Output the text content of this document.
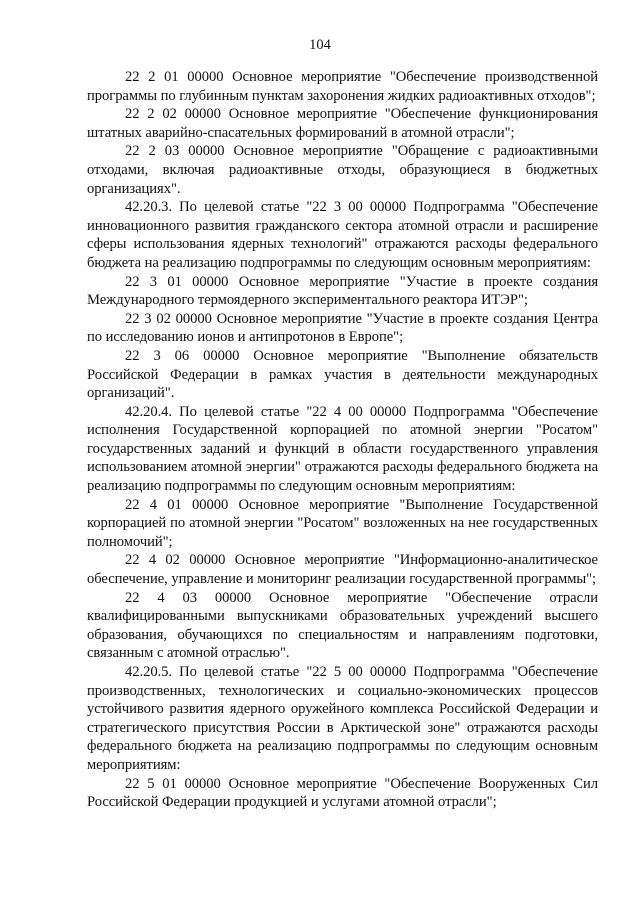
104

22 2 01 00000 Основное мероприятие "Обеспечение производственной программы по глубинным пунктам захоронения жидких радиоактивных отходов";

22 2 02 00000 Основное мероприятие "Обеспечение функционирования штатных аварийно-спасательных формирований в атомной отрасли";

22 2 03 00000 Основное мероприятие "Обращение с радиоактивными отходами, включая радиоактивные отходы, образующиеся в бюджетных организациях".

42.20.3. По целевой статье "22 3 00 00000 Подпрограмма "Обеспечение инновационного развития гражданского сектора атомной отрасли и расширение сферы использования ядерных технологий" отражаются расходы федерального бюджета на реализацию подпрограммы по следующим основным мероприятиям:

22 3 01 00000 Основное мероприятие "Участие в проекте создания Международного термоядерного экспериментального реактора ИТЭР";

22 3 02 00000 Основное мероприятие "Участие в проекте создания Центра по исследованию ионов и антипротонов в Европе";

22 3 06 00000 Основное мероприятие "Выполнение обязательств Российской Федерации в рамках участия в деятельности международных организаций".

42.20.4. По целевой статье "22 4 00 00000 Подпрограмма "Обеспечение исполнения Государственной корпорацией по атомной энергии "Росатом" государственных заданий и функций в области государственного управления использованием атомной энергии" отражаются расходы федерального бюджета на реализацию подпрограммы по следующим основным мероприятиям:

22 4 01 00000 Основное мероприятие "Выполнение Государственной корпорацией по атомной энергии "Росатом" возложенных на нее государственных полномочий";

22 4 02 00000 Основное мероприятие "Информационно-аналитическое обеспечение, управление и мониторинг реализации государственной программы";

22 4 03 00000 Основное мероприятие "Обеспечение отрасли квалифицированными выпускниками образовательных учреждений высшего образования, обучающихся по специальностям и направлениям подготовки, связанным с атомной отраслью".

42.20.5. По целевой статье "22 5 00 00000 Подпрограмма "Обеспечение производственных, технологических и социально-экономических процессов устойчивого развития ядерного оружейного комплекса Российской Федерации и стратегического присутствия России в Арктической зоне" отражаются расходы федерального бюджета на реализацию подпрограммы по следующим основным мероприятиям:

22 5 01 00000 Основное мероприятие "Обеспечение Вооруженных Сил Российской Федерации продукцией и услугами атомной отрасли";
